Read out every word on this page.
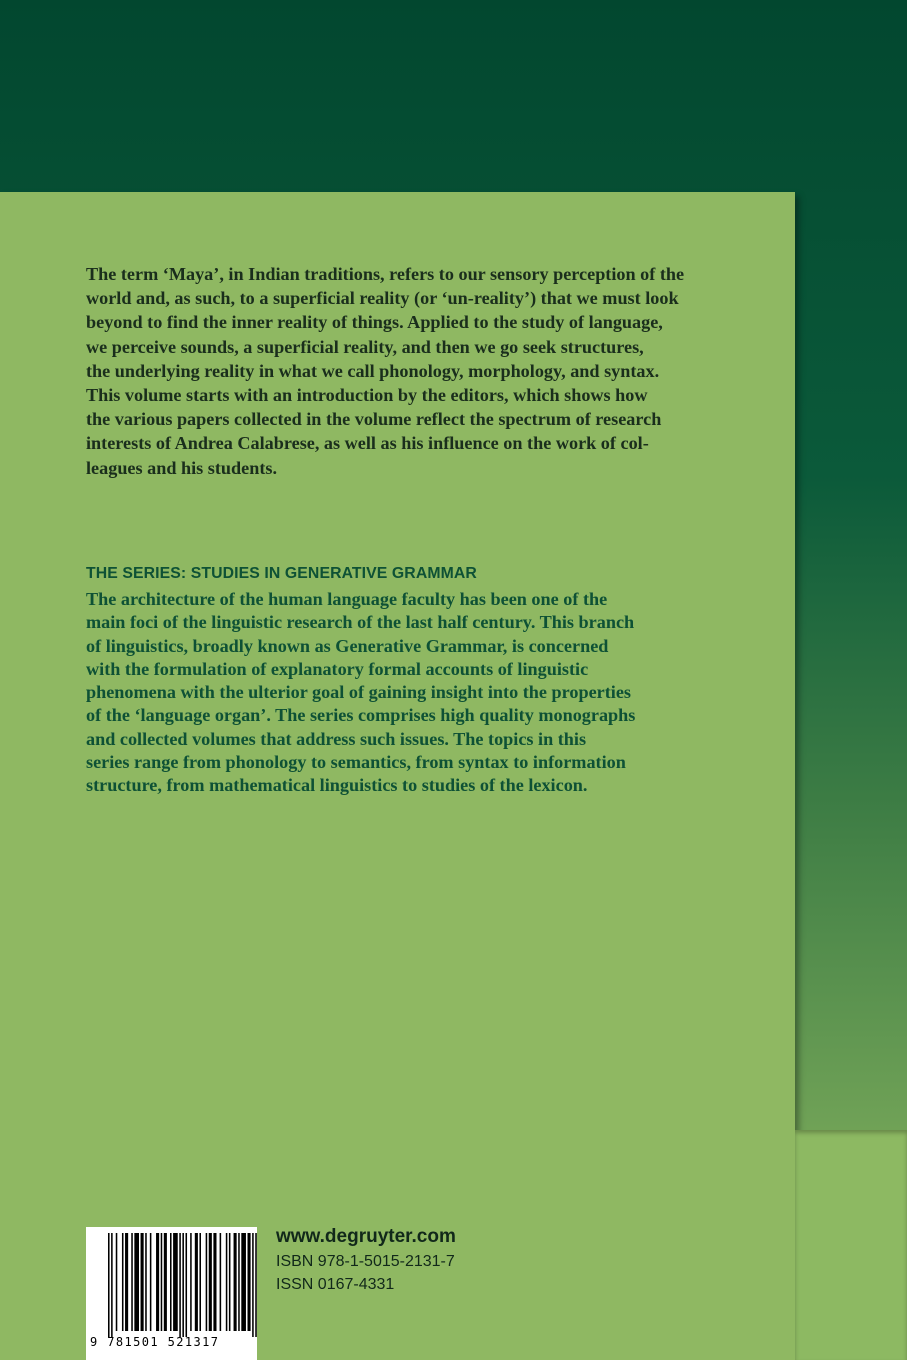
The term ‘Maya’, in Indian traditions, refers to our sensory perception of the
world and, as such, to a superficial reality (or ‘un-reality’) that we must look
beyond to find the inner reality of things. Applied to the study of language,
we perceive sounds, a superficial reality, and then we go seek structures,
the underlying reality in what we call phonology, morphology, and syntax.
This volume starts with an introduction by the editors, which shows how
the various papers collected in the volume reflect the spectrum of research
interests of Andrea Calabrese, as well as his influence on the work of col-
leagues and his students.

THE SERIES: STUDIES IN GENERATIVE GRAMMAR

The architecture of the human language faculty has been one of the
main foci of the linguistic research of the last half century. This branch
of linguistics, broadly known as Generative Grammar, is concerned
with the formulation of explanatory formal accounts of linguistic
phenomena with the ulterior goal of gaining insight into the properties
of the ‘language organ’. The series comprises high quality monographs
and collected volumes that address such issues. The topics in this
series range from phonology to semantics, from syntax to information
structure, from mathematical linguistics to studies of the lexicon.

9 781501 521317
www.degruyter.com
ISBN 978-1-5015-2131-7
ISSN 0167-4331
